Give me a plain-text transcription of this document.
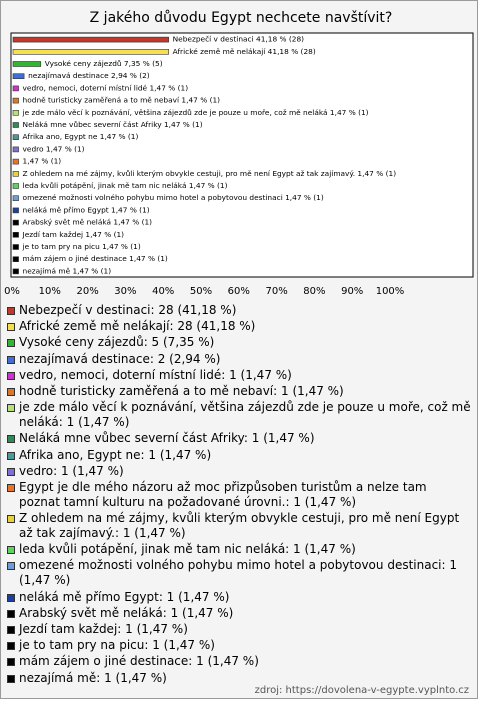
Z jakého důvodu Egypt nechcete navštívit?
Nebezpečí v destinaci 41,18 % (28)
Africké země mě nelákají 41,18 % (28)
Vysoké ceny zájezdů 7,35 % (5)
nezajímavá destinace 2,94 % (2)
vedro, nemoci, doterní místní lidé 1,47 % (1)
hodně turisticky zaměřená a to mě nebaví 1,47 % (1)
je zde málo věcí k poznávání, většina zájezdů zde je pouze u moře, což mě neláká 1,47 % (1)
Neláká mne vůbec severní část Afriky 1,47 % (1)
Afrika ano, Egypt ne 1,47 % (1)
vedro 1,47 % (1)
1,47 % (1)
Z ohledem na mé zájmy, kvůli kterým obvykle cestuji, pro mě není Egypt až tak zajímavý. 1,47 % (1)
leda kvůli potápění, jinak mě tam nic neláká 1,47 % (1)
omezené možnosti volného pohybu mimo hotel a pobytovou destinaci 1,47 % (1)
neláká mě přímo Egypt 1,47 % (1)
Arabský svět mě neláká 1,47 % (1)
Jezdí tam každej 1,47 % (1)
je to tam pry na picu 1,47 % (1)
mám zájem o jiné destinace 1,47 % (1)
nezajímá mě 1,47 % (1)
0% 10% 20% 30% 40% 50% 60% 70% 80% 90% 100%
Nebezpečí v destinaci: 28 (41,18 %)
Africké země mě nelákají: 28 (41,18 %)
Vysoké ceny zájezdů: 5 (7,35 %)
nezajímavá destinace: 2 (2,94 %)
vedro, nemoci, doterní místní lidé: 1 (1,47 %)
hodně turisticky zaměřená a to mě nebaví: 1 (1,47 %)
je zde málo věcí k poznávání, většina zájezdů zde je pouze u moře, což mě neláká: 1 (1,47 %)
Neláká mne vůbec severní část Afriky: 1 (1,47 %)
Afrika ano, Egypt ne: 1 (1,47 %)
vedro: 1 (1,47 %)
Egypt je dle mého názoru až moc přizpůsoben turistům a nelze tam poznat tamní kulturu na požadované úrovni.: 1 (1,47 %)
Z ohledem na mé zájmy, kvůli kterým obvykle cestuji, pro mě není Egypt až tak zajímavý.: 1 (1,47 %)
leda kvůli potápění, jinak mě tam nic neláká: 1 (1,47 %)
omezené možnosti volného pohybu mimo hotel a pobytovou destinaci: 1 (1,47 %)
neláká mě přímo Egypt: 1 (1,47 %)
Arabský svět mě neláká: 1 (1,47 %)
Jezdí tam každej: 1 (1,47 %)
je to tam pry na picu: 1 (1,47 %)
mám zájem o jiné destinace: 1 (1,47 %)
nezajímá mě: 1 (1,47 %)
zdroj: https://dovolena-v-egypte.vyplnto.cz
